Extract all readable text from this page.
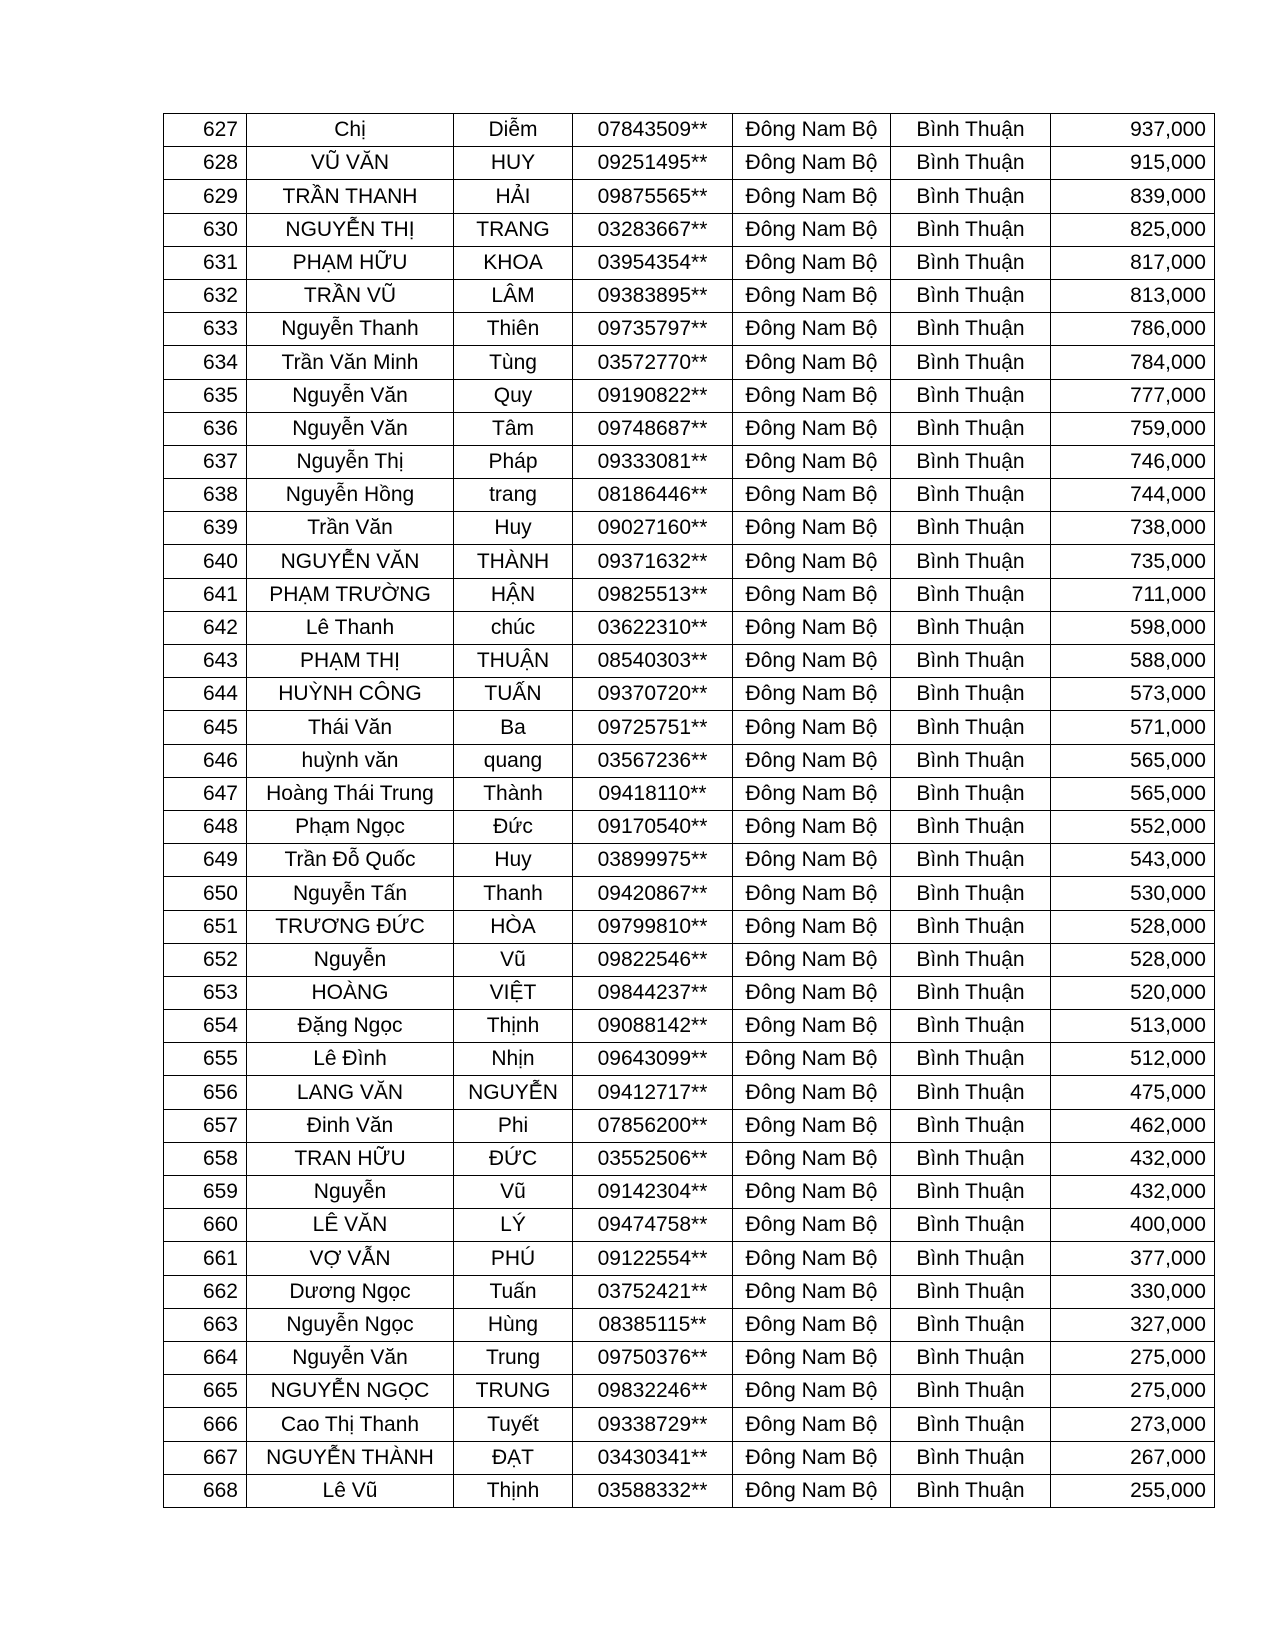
627	Chị	Diễm	07843509**	Đông Nam Bộ	Bình Thuận	937,000
628	VŨ VĂN	HUY	09251495**	Đông Nam Bộ	Bình Thuận	915,000
629	TRẦN THANH	HẢI	09875565**	Đông Nam Bộ	Bình Thuận	839,000
630	NGUYỄN THỊ	TRANG	03283667**	Đông Nam Bộ	Bình Thuận	825,000
631	PHẠM HỮU	KHOA	03954354**	Đông Nam Bộ	Bình Thuận	817,000
632	TRẦN VŨ	LÂM	09383895**	Đông Nam Bộ	Bình Thuận	813,000
633	Nguyễn Thanh	Thiên	09735797**	Đông Nam Bộ	Bình Thuận	786,000
634	Trần Văn Minh	Tùng	03572770**	Đông Nam Bộ	Bình Thuận	784,000
635	Nguyễn Văn	Quy	09190822**	Đông Nam Bộ	Bình Thuận	777,000
636	Nguyễn Văn	Tâm	09748687**	Đông Nam Bộ	Bình Thuận	759,000
637	Nguyễn Thị	Pháp	09333081**	Đông Nam Bộ	Bình Thuận	746,000
638	Nguyễn Hồng	trang	08186446**	Đông Nam Bộ	Bình Thuận	744,000
639	Trần Văn	Huy	09027160**	Đông Nam Bộ	Bình Thuận	738,000
640	NGUYỄN VĂN	THÀNH	09371632**	Đông Nam Bộ	Bình Thuận	735,000
641	PHẠM TRƯỜNG	HẬN	09825513**	Đông Nam Bộ	Bình Thuận	711,000
642	Lê Thanh	chúc	03622310**	Đông Nam Bộ	Bình Thuận	598,000
643	PHẠM THỊ	THUẬN	08540303**	Đông Nam Bộ	Bình Thuận	588,000
644	HUỲNH CÔNG	TUẤN	09370720**	Đông Nam Bộ	Bình Thuận	573,000
645	Thái Văn	Ba	09725751**	Đông Nam Bộ	Bình Thuận	571,000
646	huỳnh văn	quang	03567236**	Đông Nam Bộ	Bình Thuận	565,000
647	Hoàng Thái Trung	Thành	09418110**	Đông Nam Bộ	Bình Thuận	565,000
648	Phạm Ngọc	Đức	09170540**	Đông Nam Bộ	Bình Thuận	552,000
649	Trần Đỗ Quốc	Huy	03899975**	Đông Nam Bộ	Bình Thuận	543,000
650	Nguyễn Tấn	Thanh	09420867**	Đông Nam Bộ	Bình Thuận	530,000
651	TRƯƠNG ĐỨC	HÒA	09799810**	Đông Nam Bộ	Bình Thuận	528,000
652	Nguyễn	Vũ	09822546**	Đông Nam Bộ	Bình Thuận	528,000
653	HOÀNG	VIỆT	09844237**	Đông Nam Bộ	Bình Thuận	520,000
654	Đặng Ngọc	Thịnh	09088142**	Đông Nam Bộ	Bình Thuận	513,000
655	Lê Đình	Nhịn	09643099**	Đông Nam Bộ	Bình Thuận	512,000
656	LANG VĂN	NGUYỄN	09412717**	Đông Nam Bộ	Bình Thuận	475,000
657	Đinh Văn	Phi	07856200**	Đông Nam Bộ	Bình Thuận	462,000
658	TRAN HỮU	ĐỨC	03552506**	Đông Nam Bộ	Bình Thuận	432,000
659	Nguyễn	Vũ	09142304**	Đông Nam Bộ	Bình Thuận	432,000
660	LÊ VĂN	LÝ	09474758**	Đông Nam Bộ	Bình Thuận	400,000
661	VỢ VẪN	PHÚ	09122554**	Đông Nam Bộ	Bình Thuận	377,000
662	Dương Ngọc	Tuấn	03752421**	Đông Nam Bộ	Bình Thuận	330,000
663	Nguyễn Ngọc	Hùng	08385115**	Đông Nam Bộ	Bình Thuận	327,000
664	Nguyễn Văn	Trung	09750376**	Đông Nam Bộ	Bình Thuận	275,000
665	NGUYỄN NGỌC	TRUNG	09832246**	Đông Nam Bộ	Bình Thuận	275,000
666	Cao Thị Thanh	Tuyết	09338729**	Đông Nam Bộ	Bình Thuận	273,000
667	NGUYỄN THÀNH	ĐẠT	03430341**	Đông Nam Bộ	Bình Thuận	267,000
668	Lê Vũ	Thịnh	03588332**	Đông Nam Bộ	Bình Thuận	255,000
